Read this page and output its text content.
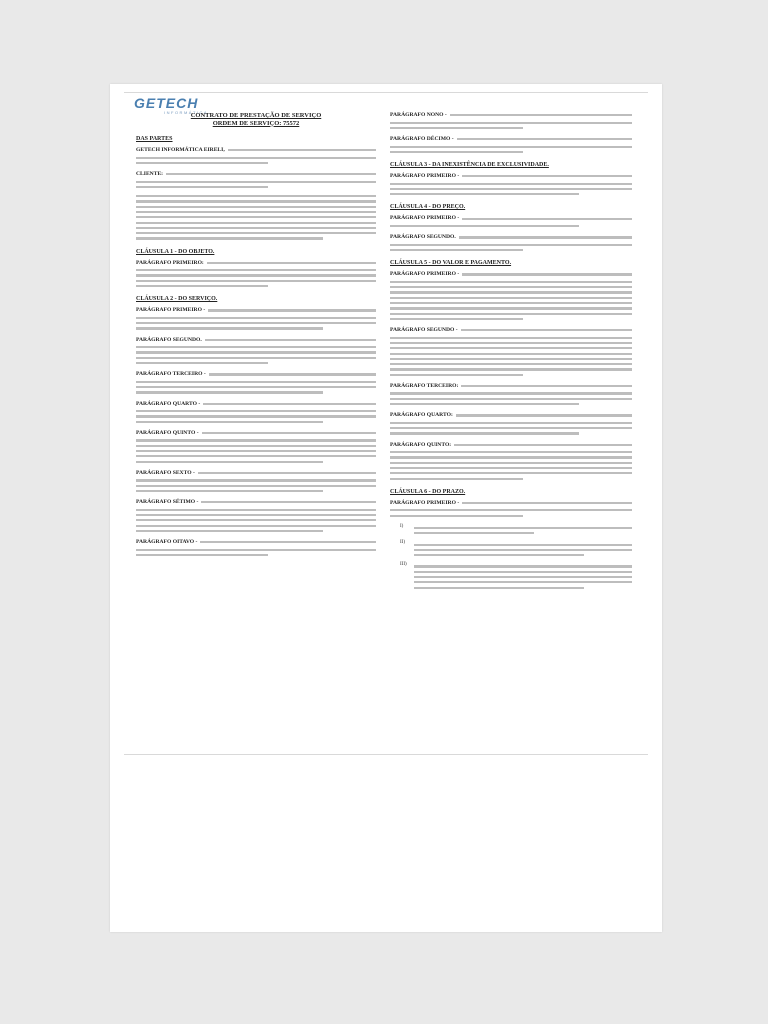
GETECH
INFORMÁTICA
CONTRATO DE PRESTAÇÃO DE SERVIÇO
ORDEM DE SERVIÇO: 75572
DAS PARTES
GETECH INFORMÁTICA EIRELI,
CLIENTE:
CLÁUSULA 1 - DO OBJETO.
PARÁGRAFO PRIMEIRO:
CLÁUSULA 2 - DO SERVIÇO.
PARÁGRAFO PRIMEIRO -
PARÁGRAFO SEGUNDO.
PARÁGRAFO TERCEIRO -
PARÁGRAFO QUARTO -
PARÁGRAFO QUINTO -
PARÁGRAFO SEXTO -
PARÁGRAFO SÉTIMO -
PARÁGRAFO OITAVO -
PARÁGRAFO NONO -
PARÁGRAFO DÉCIMO -
CLÁUSULA 3 - DA INEXISTÊNCIA DE EXCLUSIVIDADE.
PARÁGRAFO PRIMEIRO -
CLÁUSULA 4 - DO PREÇO.
PARÁGRAFO PRIMEIRO -
PARÁGRAFO SEGUNDO.
CLÁUSULA 5 - DO VALOR E PAGAMENTO.
PARÁGRAFO PRIMEIRO -
PARÁGRAFO SEGUNDO -
PARÁGRAFO TERCEIRO:
PARÁGRAFO QUARTO:
PARÁGRAFO QUINTO:
CLÁUSULA 6 - DO PRAZO.
PARÁGRAFO PRIMEIRO -
I)
II)
III)
